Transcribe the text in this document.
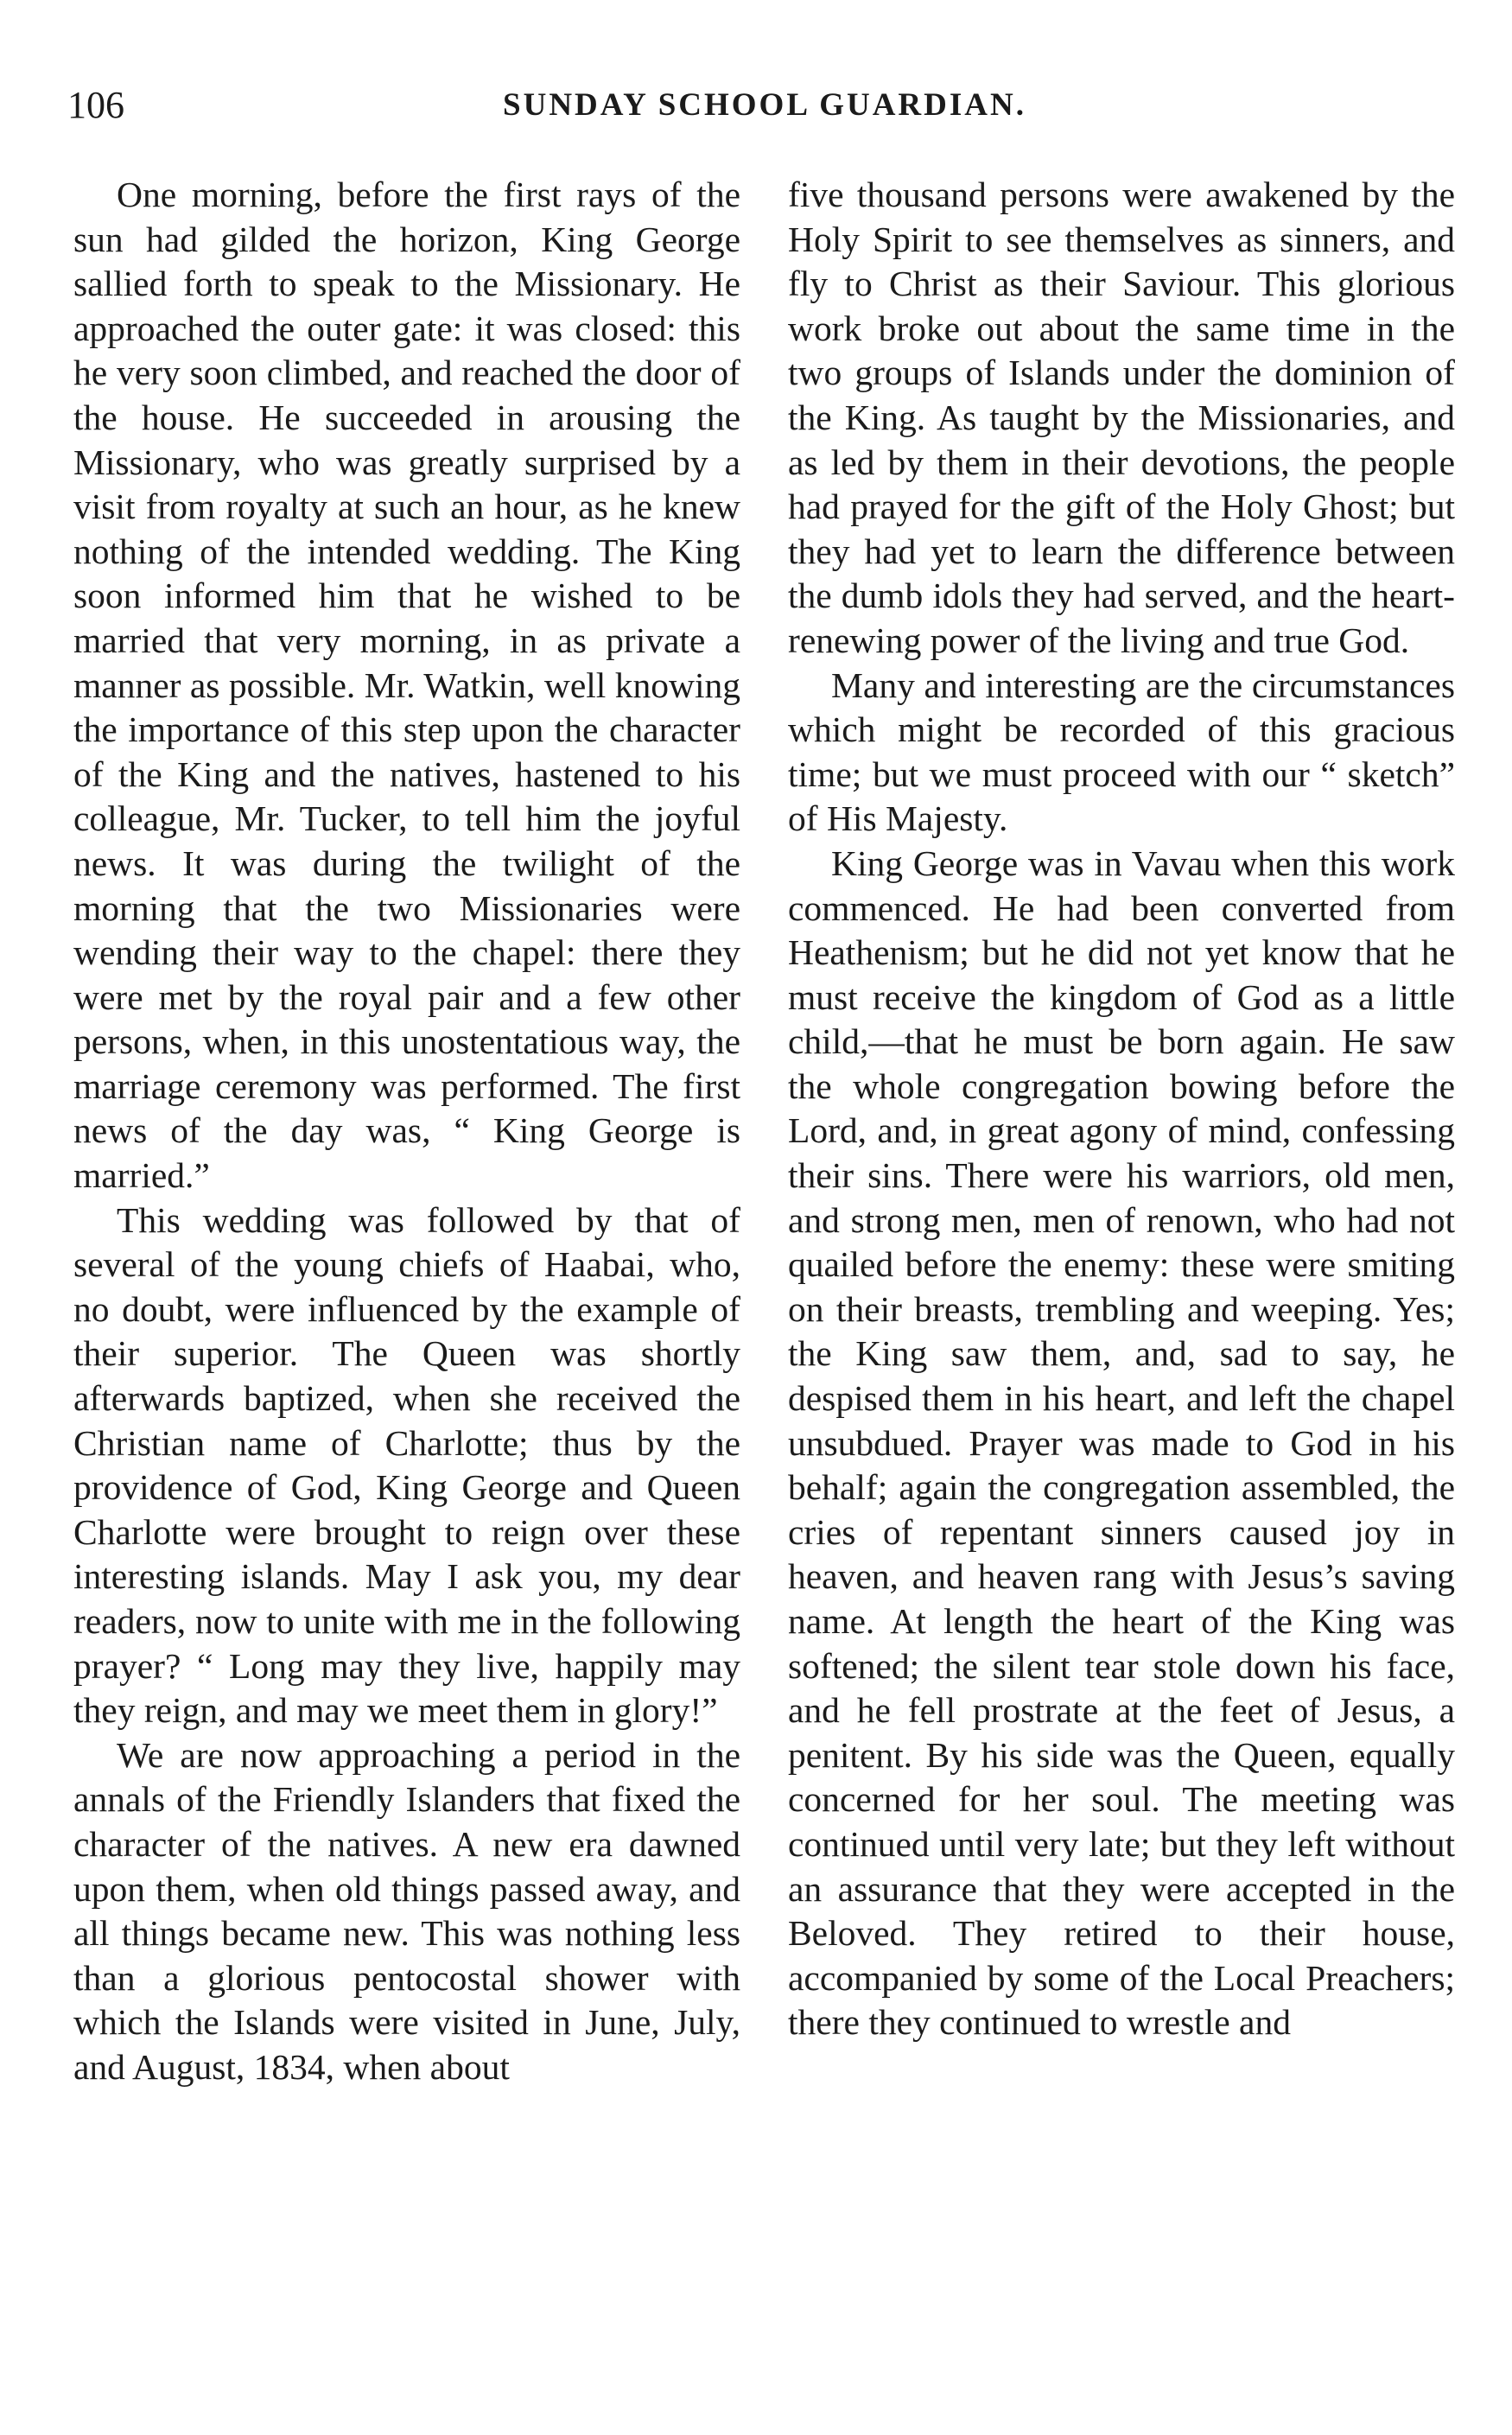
106	SUNDAY SCHOOL GUARDIAN.

One morning, before the first rays of the sun had gilded the horizon, King George sallied forth to speak to the Missionary. He approached the outer gate: it was closed: this he very soon climbed, and reached the door of the house. He succeeded in arousing the Missionary, who was greatly surprised by a visit from royalty at such an hour, as he knew nothing of the intended wedding. The King soon informed him that he wished to be married that very morning, in as private a manner as possible. Mr. Watkin, well knowing the importance of this step upon the character of the King and the natives, hastened to his colleague, Mr. Tucker, to tell him the joyful news. It was during the twilight of the morning that the two Missionaries were wending their way to the chapel: there they were met by the royal pair and a few other persons, when, in this unostentatious way, the marriage ceremony was performed. The first news of the day was, “ King George is married.”

This wedding was followed by that of several of the young chiefs of Haabai, who, no doubt, were influenced by the example of their superior. The Queen was shortly afterwards baptized, when she received the Christian name of Charlotte; thus by the providence of God, King George and Queen Charlotte were brought to reign over these interesting islands. May I ask you, my dear readers, now to unite with me in the following prayer? “ Long may they live, happily may they reign, and may we meet them in glory!”

We are now approaching a period in the annals of the Friendly Islanders that fixed the character of the natives. A new era dawned upon them, when old things passed away, and all things became new. This was nothing less than a glorious pentocostal shower with which the Islands were visited in June, July, and August, 1834, when about

five thousand persons were awakened by the Holy Spirit to see themselves as sinners, and fly to Christ as their Saviour. This glorious work broke out about the same time in the two groups of Islands under the dominion of the King. As taught by the Missionaries, and as led by them in their devotions, the people had prayed for the gift of the Holy Ghost; but they had yet to learn the difference between the dumb idols they had served, and the heart-renewing power of the living and true God.

Many and interesting are the circumstances which might be recorded of this gracious time; but we must proceed with our “ sketch” of His Majesty.

King George was in Vavau when this work commenced. He had been converted from Heathenism; but he did not yet know that he must receive the kingdom of God as a little child,—that he must be born again. He saw the whole congregation bowing before the Lord, and, in great agony of mind, confessing their sins. There were his warriors, old men, and strong men, men of renown, who had not quailed before the enemy: these were smiting on their breasts, trembling and weeping. Yes; the King saw them, and, sad to say, he despised them in his heart, and left the chapel unsubdued. Prayer was made to God in his behalf; again the congregation assembled, the cries of repentant sinners caused joy in heaven, and heaven rang with Jesus’s saving name. At length the heart of the King was softened; the silent tear stole down his face, and he fell prostrate at the feet of Jesus, a penitent. By his side was the Queen, equally concerned for her soul. The meeting was continued until very late; but they left without an assurance that they were accepted in the Beloved. They retired to their house, accompanied by some of the Local Preachers; there they continued to wrestle and
